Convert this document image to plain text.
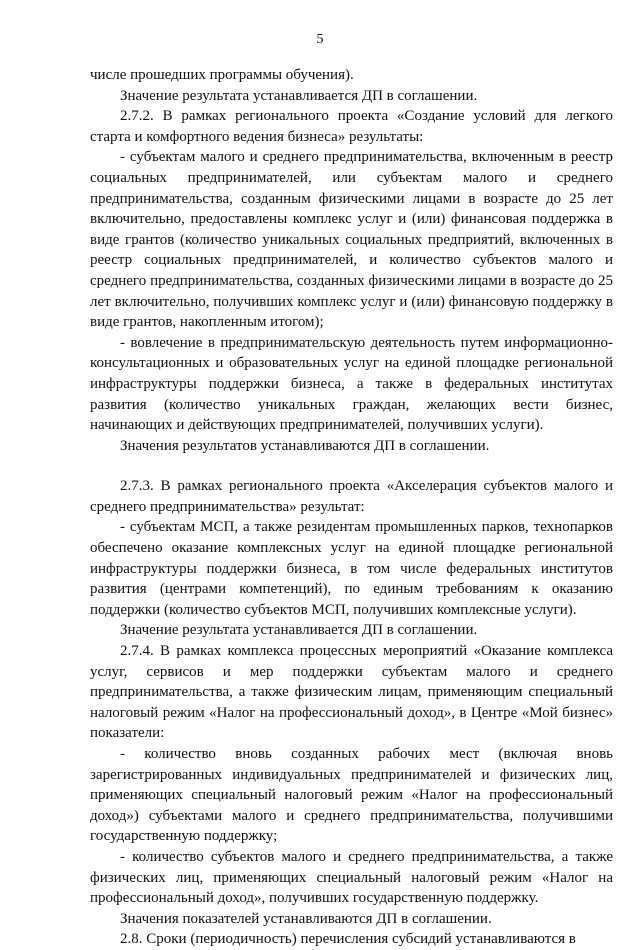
5

числе прошедших программы обучения).

Значение результата устанавливается ДП в соглашении.

2.7.2. В рамках регионального проекта «Создание условий для легкого старта и комфортного ведения бизнеса» результаты:

- субъектам малого и среднего предпринимательства, включенным в реестр социальных предпринимателей, или субъектам малого и среднего предпринимательства, созданным физическими лицами в возрасте до 25 лет включительно, предоставлены комплекс услуг и (или) финансовая поддержка в виде грантов (количество уникальных социальных предприятий, включенных в реестр социальных предпринимателей, и количество субъектов малого и среднего предпринимательства, созданных физическими лицами в возрасте до 25 лет включительно, получивших комплекс услуг и (или) финансовую поддержку в виде грантов, накопленным итогом);

- вовлечение в предпринимательскую деятельность путем информационно-консультационных и образовательных услуг на единой площадке региональной инфраструктуры поддержки бизнеса, а также в федеральных институтах развития (количество уникальных граждан, желающих вести бизнес, начинающих и действующих предпринимателей, получивших услуги).

Значения результатов устанавливаются ДП в соглашении.

2.7.3. В рамках регионального проекта «Акселерация субъектов малого и среднего предпринимательства» результат:

- субъектам МСП, а также резидентам промышленных парков, технопарков обеспечено оказание комплексных услуг на единой площадке региональной инфраструктуры поддержки бизнеса, в том числе федеральных институтов развития (центрами компетенций), по единым требованиям к оказанию поддержки (количество субъектов МСП, получивших комплексные услуги).

Значение результата устанавливается ДП в соглашении.

2.7.4. В рамках комплекса процессных мероприятий «Оказание комплекса услуг, сервисов и мер поддержки субъектам малого и среднего предпринимательства, а также физическим лицам, применяющим специальный налоговый режим «Налог на профессиональный доход», в Центре «Мой бизнес» показатели:

- количество вновь созданных рабочих мест (включая вновь зарегистрированных индивидуальных предпринимателей и физических лиц, применяющих специальный налоговый режим «Налог на профессиональный доход») субъектами малого и среднего предпринимательства, получившими государственную поддержку;

- количество субъектов малого и среднего предпринимательства, а также физических лиц, применяющих специальный налоговый режим «Налог на профессиональный доход», получивших государственную поддержку.

Значения показателей устанавливаются ДП в соглашении.

2.8. Сроки (периодичность) перечисления субсидий устанавливаются в
